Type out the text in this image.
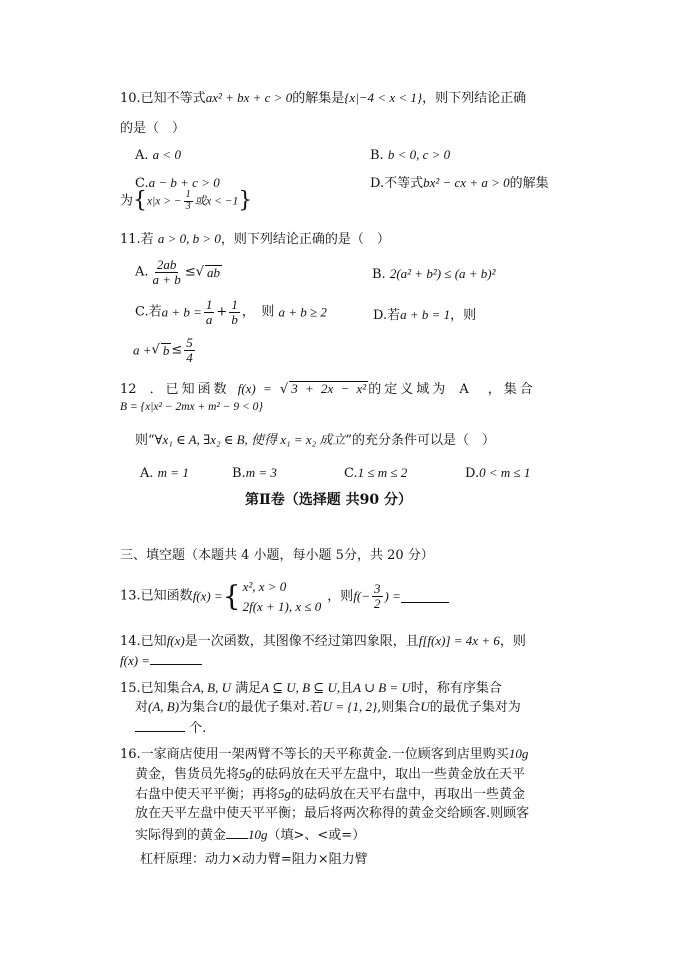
10.已知不等式ax² + bx + c > 0的解集是{x|−4 < x < 1}，则下列结论正确
的是（　）
A. a < 0	B. b < 0, c > 0
C.a − b + c > 0	D.不等式bx² − cx + a > 0的解集
为{x|x > − $\frac{1}{3}$ 或x < −1}
11.若 a > 0, b > 0，则下列结论正确的是（　）
A. $\frac{2ab}{a + b}$ ≤√ ab	B. 2(a² + b²) ≤ (a + b)²
C.若$a + b = \frac{1}{a} + \frac{1}{b}$ ，　则 a + b ≥ 2	D.若a + b = 1，则
a +√ $b \le \frac{5}{4}$
12　 ．已知函数 f(x) = √ 3 + 2x − x² 的定义域为 A　，集合
B = {x|x² − 2mx + m² − 9 < 0}
则“∀x₁ ∈ A, ∃x₂ ∈ B, 使得 x₁ = x₂ 成立”的充分条件可以是（　）
A. m = 1	B.m = 3	C.1 ≤ m ≤ 2	D.0 < m ≤ 1
第Ⅱ卷（选择题 共90 分）
三、填空题（本题共 4 小题，每小题 5分，共 20 分）
13.已知函数f(x) ={ x², x > 0
2f(x + 1), x ≤ 0
，则$f(- \frac{3}{2}$ ) =
14.已知f(x)是一次函数，其图像不经过第四象限，且f[f(x)] = 4x + 6，则
f(x) =
15.已知集合A, B, U 满足A ⊆ U, B ⊆ U,且A ∪ B = U时，称有序集合
对(A, B)为集合U的最优子集对.若U = {1, 2},则集合U的最优子集对为
个.
16.一家商店使用一架两臂不等长的天平称黄金.一位顾客到店里购买10g
黄金，售货员先将5g的砝码放在天平左盘中，取出一些黄金放在天平
右盘中使天平平衡；再将5g的砝码放在天平右盘中，再取出一些黄金
放在天平左盘中使天平平衡；最后将两次称得的黄金交给顾客.则顾客
实际得到的黄金 10g（填>、<或=）
杠杆原理：动力×动力臂=阻力×阻力臂
